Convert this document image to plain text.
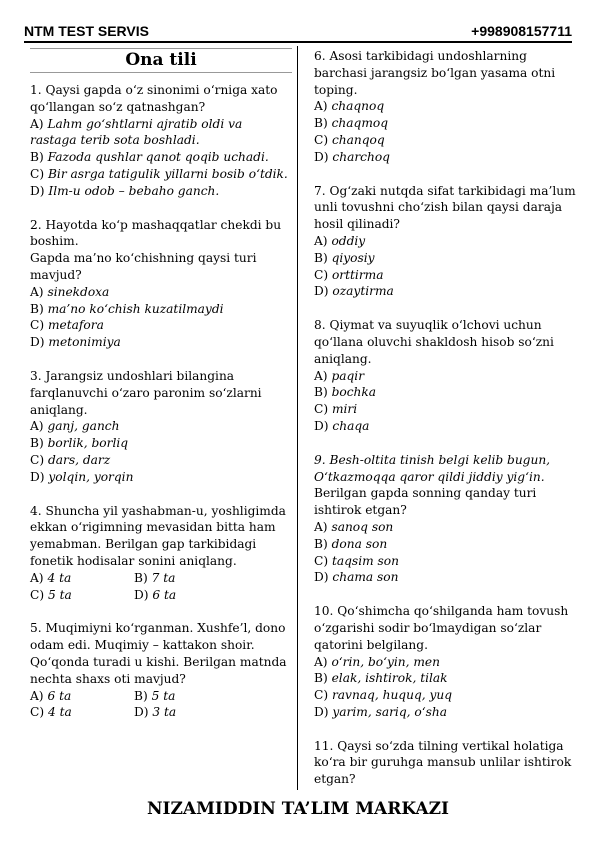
NTM TEST SERVIS	+998908157711
Ona tili

1. Qaysi gapda o‘z sinonimi o‘rniga xato qo‘llangan so‘z qatnashgan?

A) Lahm go‘shtlarni ajratib oldi va rastaga terib sota boshladi.

B) Fazoda qushlar qanot qoqib uchadi.

C) Bir asrga tatigulik yillarni bosib o‘tdik.

D) Ilm-u odob – bebaho ganch.

2. Hayotda ko‘p mashaqqatlar chekdi bu boshim.

Gapda ma’no ko‘chishning qaysi turi mavjud?

A) sinekdoxa

B) ma’no ko‘chish kuzatilmaydi

C) metafora

D) metonimiya

3. Jarangsiz undoshlari bilangina farqlanuvchi o‘zaro paronim so‘zlarni aniqlang.

A) ganj, ganch

B) borlik, borliq

C) dars, darz

D) yolqin, yorqin

4. Shuncha yil yashabman-u, yoshligimda ekkan o‘rigimning mevasidan bitta ham yemabman. Berilgan gap tarkibidagi fonetik hodisalar sonini aniqlang.

A) 4 ta	B) 7 ta

C) 5 ta	D) 6 ta

5. Muqimiyni ko‘rganman. Xushfe’l, dono odam edi. Muqimiy – kattakon shoir. Qo‘qonda turadi u kishi. Berilgan matnda nechta shaxs oti mavjud?

A) 6 ta	B) 5 ta

C) 4 ta	D) 3 ta

6. Asosi tarkibidagi undoshlarning barchasi jarangsiz bo‘lgan yasama otni toping.

A) chaqnoq

B) chaqmoq

C) chanqoq

D) charchoq

7. Og‘zaki nutqda sifat tarkibidagi ma’lum unli tovushni cho‘zish bilan qaysi daraja hosil qilinadi?

A) oddiy

B) qiyosiy

C) orttirma

D) ozaytirma

8. Qiymat va suyuqlik o‘lchovi uchun qo‘llana oluvchi shakldosh hisob so‘zni aniqlang.

A) paqir

B) bochka

C) miri

D) chaqa

9. Besh-oltita tinish belgi kelib bugun, O‘tkazmoqqa qaror qildi jiddiy yig‘in.

Berilgan gapda sonning qanday turi ishtirok etgan?

A) sanoq son

B) dona son

C) taqsim son

D) chama son

10. Qo‘shimcha qo‘shilganda ham tovush o‘zgarishi sodir bo‘lmaydigan so‘zlar qatorini belgilang.

A) o‘rin, bo‘yin, men

B) elak, ishtirok, tilak

C) ravnaq, huquq, yuq

D) yarim, sariq, o‘sha

11. Qaysi so‘zda tilning vertikal holatiga ko‘ra bir guruhga mansub unlilar ishtirok etgan?

NIZAMIDDIN TA’LIM MARKAZI
